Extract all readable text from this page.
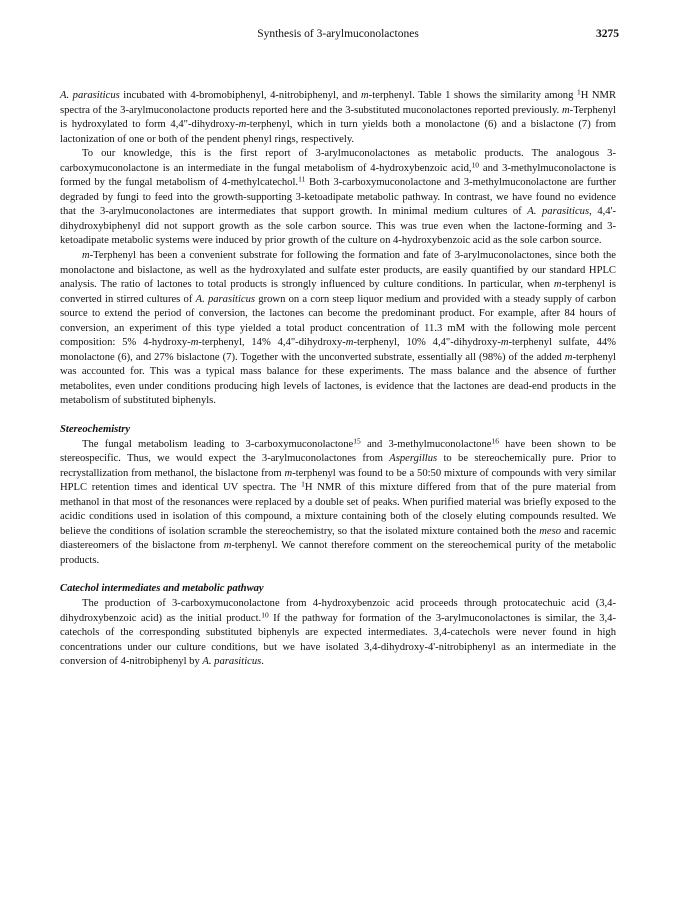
Synthesis of 3-arylmuconolactones	3275

A. parasiticus incubated with 4-bromobiphenyl, 4-nitrobiphenyl, and m-terphenyl. Table 1 shows the similarity among $^1$H NMR spectra of the 3-arylmuconolactone products reported here and the 3-substituted muconolactones reported previously. m-Terphenyl is hydroxylated to form 4,4"-dihydroxy-m-terphenyl, which in turn yields both a monolactone (6) and a bislactone (7) from lactonization of one or both of the pendent phenyl rings, respectively.

To our knowledge, this is the first report of 3-arylmuconolactones as metabolic products. The analogous 3-carboxymuconolactone is an intermediate in the fungal metabolism of 4-hydroxybenzoic acid,$^{10}$ and 3-methylmuconolactone is formed by the fungal metabolism of 4-methylcatechol.$^{11}$ Both 3-carboxymuconolactone and 3-methylmuconolactone are further degraded by fungi to feed into the growth-supporting 3-ketoadipate metabolic pathway. In contrast, we have found no evidence that the 3-arylmuconolactones are intermediates that support growth. In minimal medium cultures of A. parasiticus, 4,4'-dihydroxybiphenyl did not support growth as the sole carbon source. This was true even when the lactone-forming and 3-ketoadipate metabolic systems were induced by prior growth of the culture on 4-hydroxybenzoic acid as the sole carbon source.

m-Terphenyl has been a convenient substrate for following the formation and fate of 3-arylmuconolactones, since both the monolactone and bislactone, as well as the hydroxylated and sulfate ester products, are easily quantified by our standard HPLC analysis. The ratio of lactones to total products is strongly influenced by culture conditions. In particular, when m-terphenyl is converted in stirred cultures of A. parasiticus grown on a corn steep liquor medium and provided with a steady supply of carbon source to extend the period of conversion, the lactones can become the predominant product. For example, after 84 hours of conversion, an experiment of this type yielded a total product concentration of 11.3 mM with the following mole percent composition: 5% 4-hydroxy-m-terphenyl, 14% 4,4"-dihydroxy-m-terphenyl, 10% 4,4"-dihydroxy-m-terphenyl sulfate, 44% monolactone (6), and 27% bislactone (7). Together with the unconverted substrate, essentially all (98%) of the added m-terphenyl was accounted for. This was a typical mass balance for these experiments. The mass balance and the absence of further metabolites, even under conditions producing high levels of lactones, is evidence that the lactones are dead-end products in the metabolism of substituted biphenyls.

Stereochemistry

The fungal metabolism leading to 3-carboxymuconolactone$^{15}$ and 3-methylmuconolactone$^{16}$ have been shown to be stereospecific. Thus, we would expect the 3-arylmuconolactones from Aspergillus to be stereochemically pure. Prior to recrystallization from methanol, the bislactone from m-terphenyl was found to be a 50:50 mixture of compounds with very similar HPLC retention times and identical UV spectra. The $^1$H NMR of this mixture differed from that of the pure material from methanol in that most of the resonances were replaced by a double set of peaks. When purified material was briefly exposed to the acidic conditions used in isolation of this compound, a mixture containing both of the closely eluting compounds resulted. We believe the conditions of isolation scramble the stereochemistry, so that the isolated mixture contained both the meso and racemic diastereomers of the bislactone from m-terphenyl. We cannot therefore comment on the stereochemical purity of the metabolic products.

Catechol intermediates and metabolic pathway

The production of 3-carboxymuconolactone from 4-hydroxybenzoic acid proceeds through protocatechuic acid (3,4-dihydroxybenzoic acid) as the initial product.$^{10}$ If the pathway for formation of the 3-arylmuconolactones is similar, the 3,4-catechols of the corresponding substituted biphenyls are expected intermediates. 3,4-catechols were never found in high concentrations under our culture conditions, but we have isolated 3,4-dihydroxy-4'-nitrobiphenyl as an intermediate in the conversion of 4-nitrobiphenyl by A. parasiticus.
